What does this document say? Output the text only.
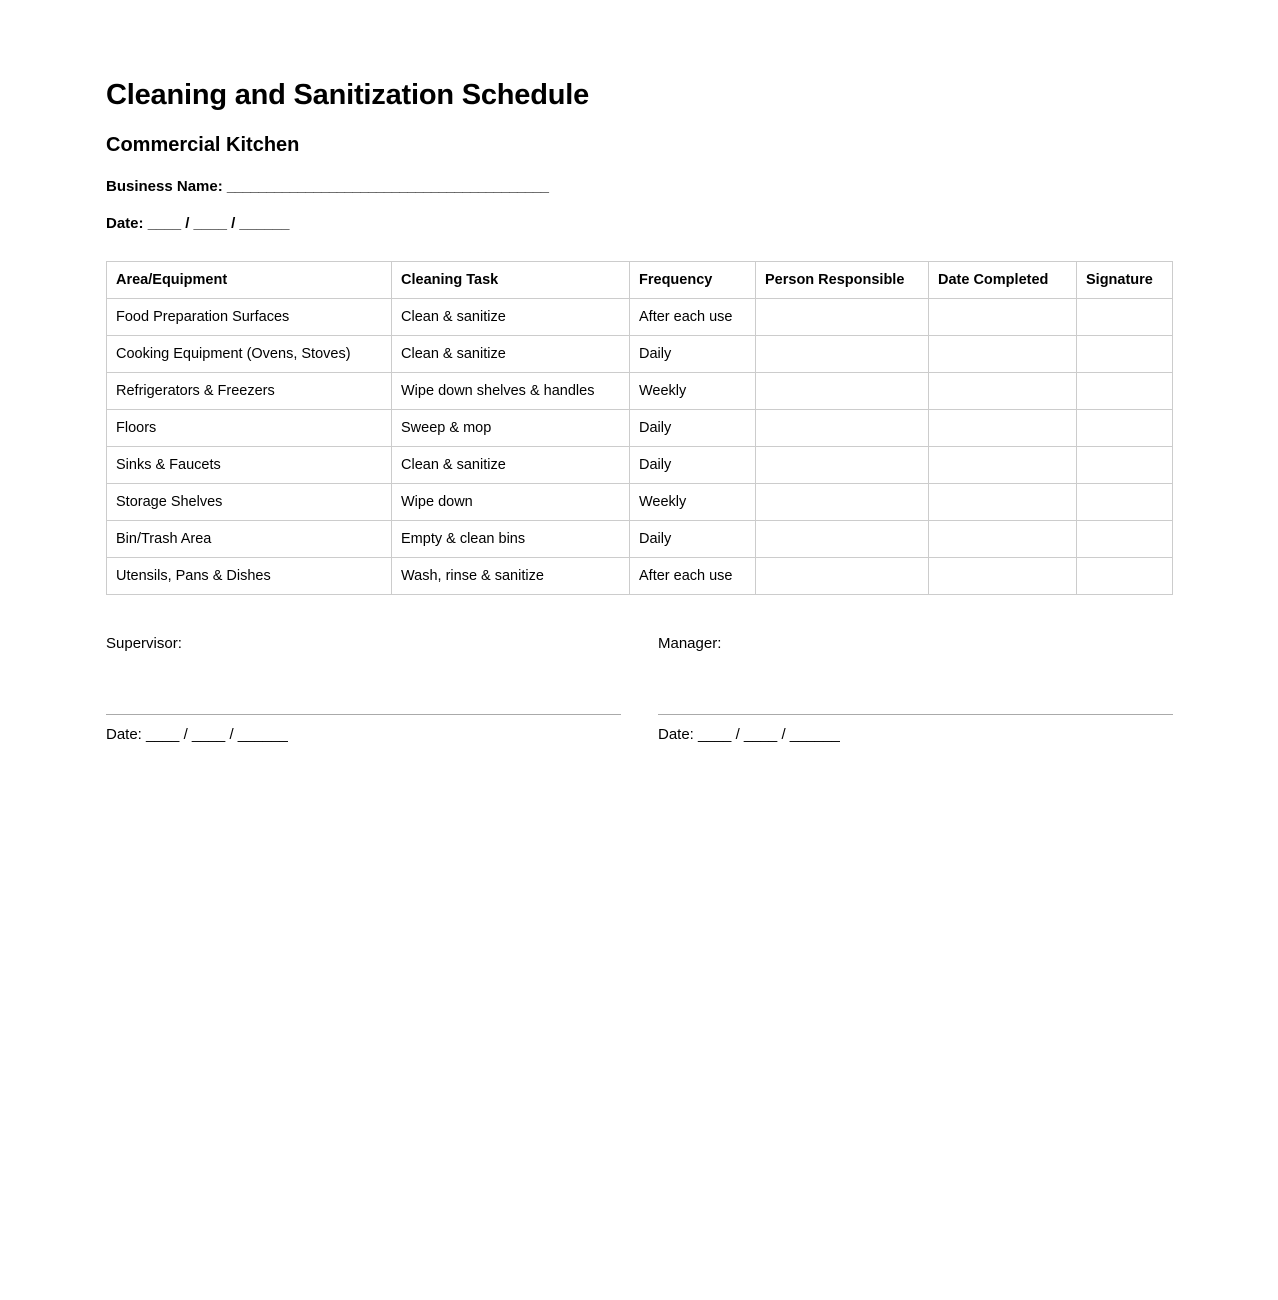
Cleaning and Sanitization Schedule
Commercial Kitchen
Business Name: _________________________________________
Date: ____ / ____ / ______
Area/Equipment	Cleaning Task	Frequency	Person Responsible	Date Completed	Signature
Food Preparation Surfaces	Clean & sanitize	After each use			
Cooking Equipment (Ovens, Stoves)	Clean & sanitize	Daily			
Refrigerators & Freezers	Wipe down shelves & handles	Weekly			
Floors	Sweep & mop	Daily			
Sinks & Faucets	Clean & sanitize	Daily			
Storage Shelves	Wipe down	Weekly			
Bin/Trash Area	Empty & clean bins	Daily			
Utensils, Pans & Dishes	Wash, rinse & sanitize	After each use			
Supervisor:
Date: ____ / ____ / ______
Manager:
Date: ____ / ____ / ______
